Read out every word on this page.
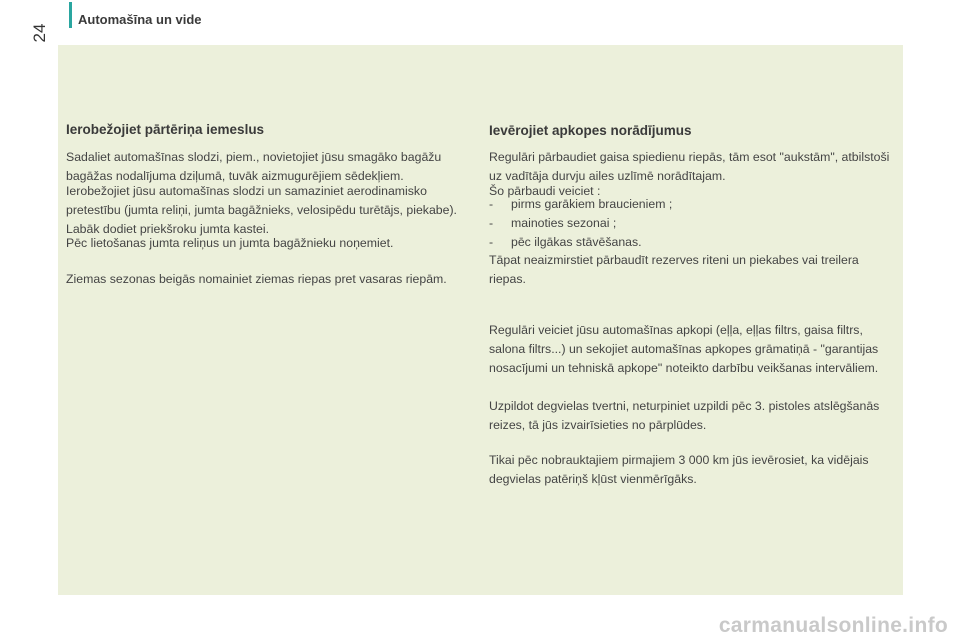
Automašīna un vide
24
Ierobežojiet pārtēriņa iemeslus

Sadaliet automašīnas slodzi, piem., novietojiet jūsu smagāko bagāžu bagāžas nodalījuma dziļumā, tuvāk aizmugurējiem sēdekļiem.

Ierobežojiet jūsu automašīnas slodzi un samaziniet aerodinamisko pretestību (jumta reliņi, jumta bagāžnieks, velosipēdu turētājs, piekabe). Labāk dodiet priekšroku jumta kastei.

Pēc lietošanas jumta reliņus un jumta bagāžnieku noņemiet.

Ziemas sezonas beigās nomainiet ziemas riepas pret vasaras riepām.

Ievērojiet apkopes norādījumus

Regulāri pārbaudiet gaisa spiedienu riepās, tām esot "aukstām", atbilstoši uz vadītāja durvju ailes uzlīmē norādītajam.

Šo pārbaudi veiciet :

-	pirms garākiem braucieniem ;
-	mainoties sezonai ;
-	pēc ilgākas stāvēšanas.

Tāpat neaizmirstiet pārbaudīt rezerves riteni un piekabes vai treilera riepas.

Regulāri veiciet jūsu automašīnas apkopi (eļļa, eļļas filtrs, gaisa filtrs, salona filtrs...) un sekojiet automašīnas apkopes grāmatiņā - "garantijas nosacījumi un tehniskā apkope" noteikto darbību veikšanas intervāliem.

Uzpildot degvielas tvertni, neturpiniet uzpildi pēc 3. pistoles atslēgšanās reizes, tā jūs izvairīsieties no pārplūdes.

Tikai pēc nobrauktajiem pirmajiem 3 000 km jūs ievērosiet, ka vidējais degvielas patēriņš kļūst vienmērīgāks.

carmanualsonline.info
